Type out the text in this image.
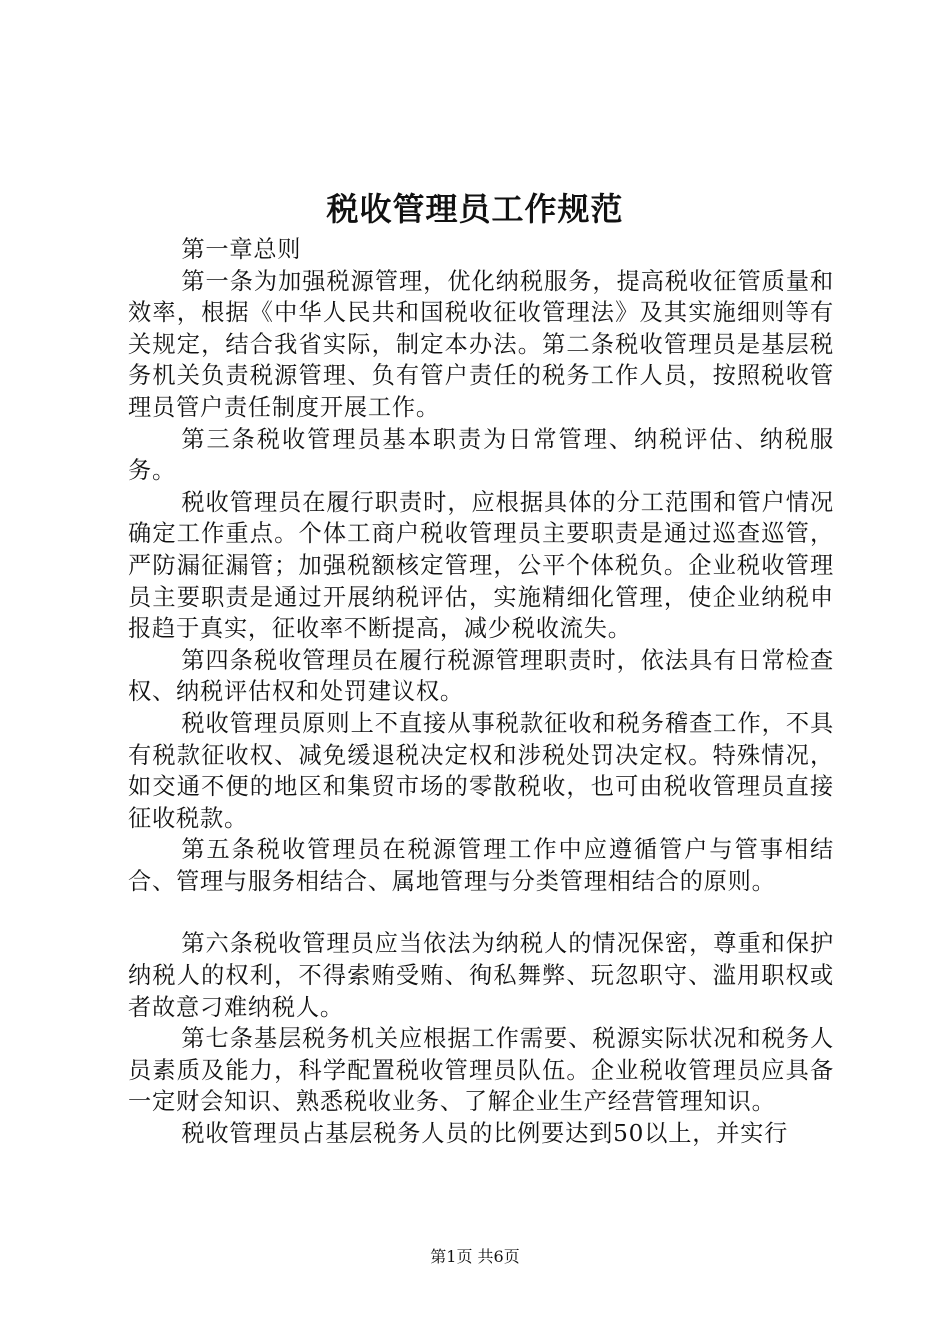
税收管理员工作规范

第一章总则

第一条为加强税源管理，优化纳税服务，提高税收征管质量和效率，根据《中华人民共和国税收征收管理法》及其实施细则等有关规定，结合我省实际，制定本办法。第二条税收管理员是基层税务机关负责税源管理、负有管户责任的税务工作人员，按照税收管理员管户责任制度开展工作。

第三条税收管理员基本职责为日常管理、纳税评估、纳税服务。

税收管理员在履行职责时，应根据具体的分工范围和管户情况确定工作重点。个体工商户税收管理员主要职责是通过巡查巡管，严防漏征漏管；加强税额核定管理，公平个体税负。企业税收管理员主要职责是通过开展纳税评估，实施精细化管理，使企业纳税申报趋于真实，征收率不断提高，减少税收流失。

第四条税收管理员在履行税源管理职责时，依法具有日常检查权、纳税评估权和处罚建议权。

税收管理员原则上不直接从事税款征收和税务稽查工作，不具有税款征收权、减免缓退税决定权和涉税处罚决定权。特殊情况，如交通不便的地区和集贸市场的零散税收，也可由税收管理员直接征收税款。

第五条税收管理员在税源管理工作中应遵循管户与管事相结合、管理与服务相结合、属地管理与分类管理相结合的原则。

第六条税收管理员应当依法为纳税人的情况保密，尊重和保护纳税人的权利，不得索贿受贿、徇私舞弊、玩忽职守、滥用职权或者故意刁难纳税人。

第七条基层税务机关应根据工作需要、税源实际状况和税务人员素质及能力，科学配置税收管理员队伍。企业税收管理员应具备一定财会知识、熟悉税收业务、了解企业生产经营管理知识。

税收管理员占基层税务人员的比例要达到50以上，并实行

第1页 共6页
